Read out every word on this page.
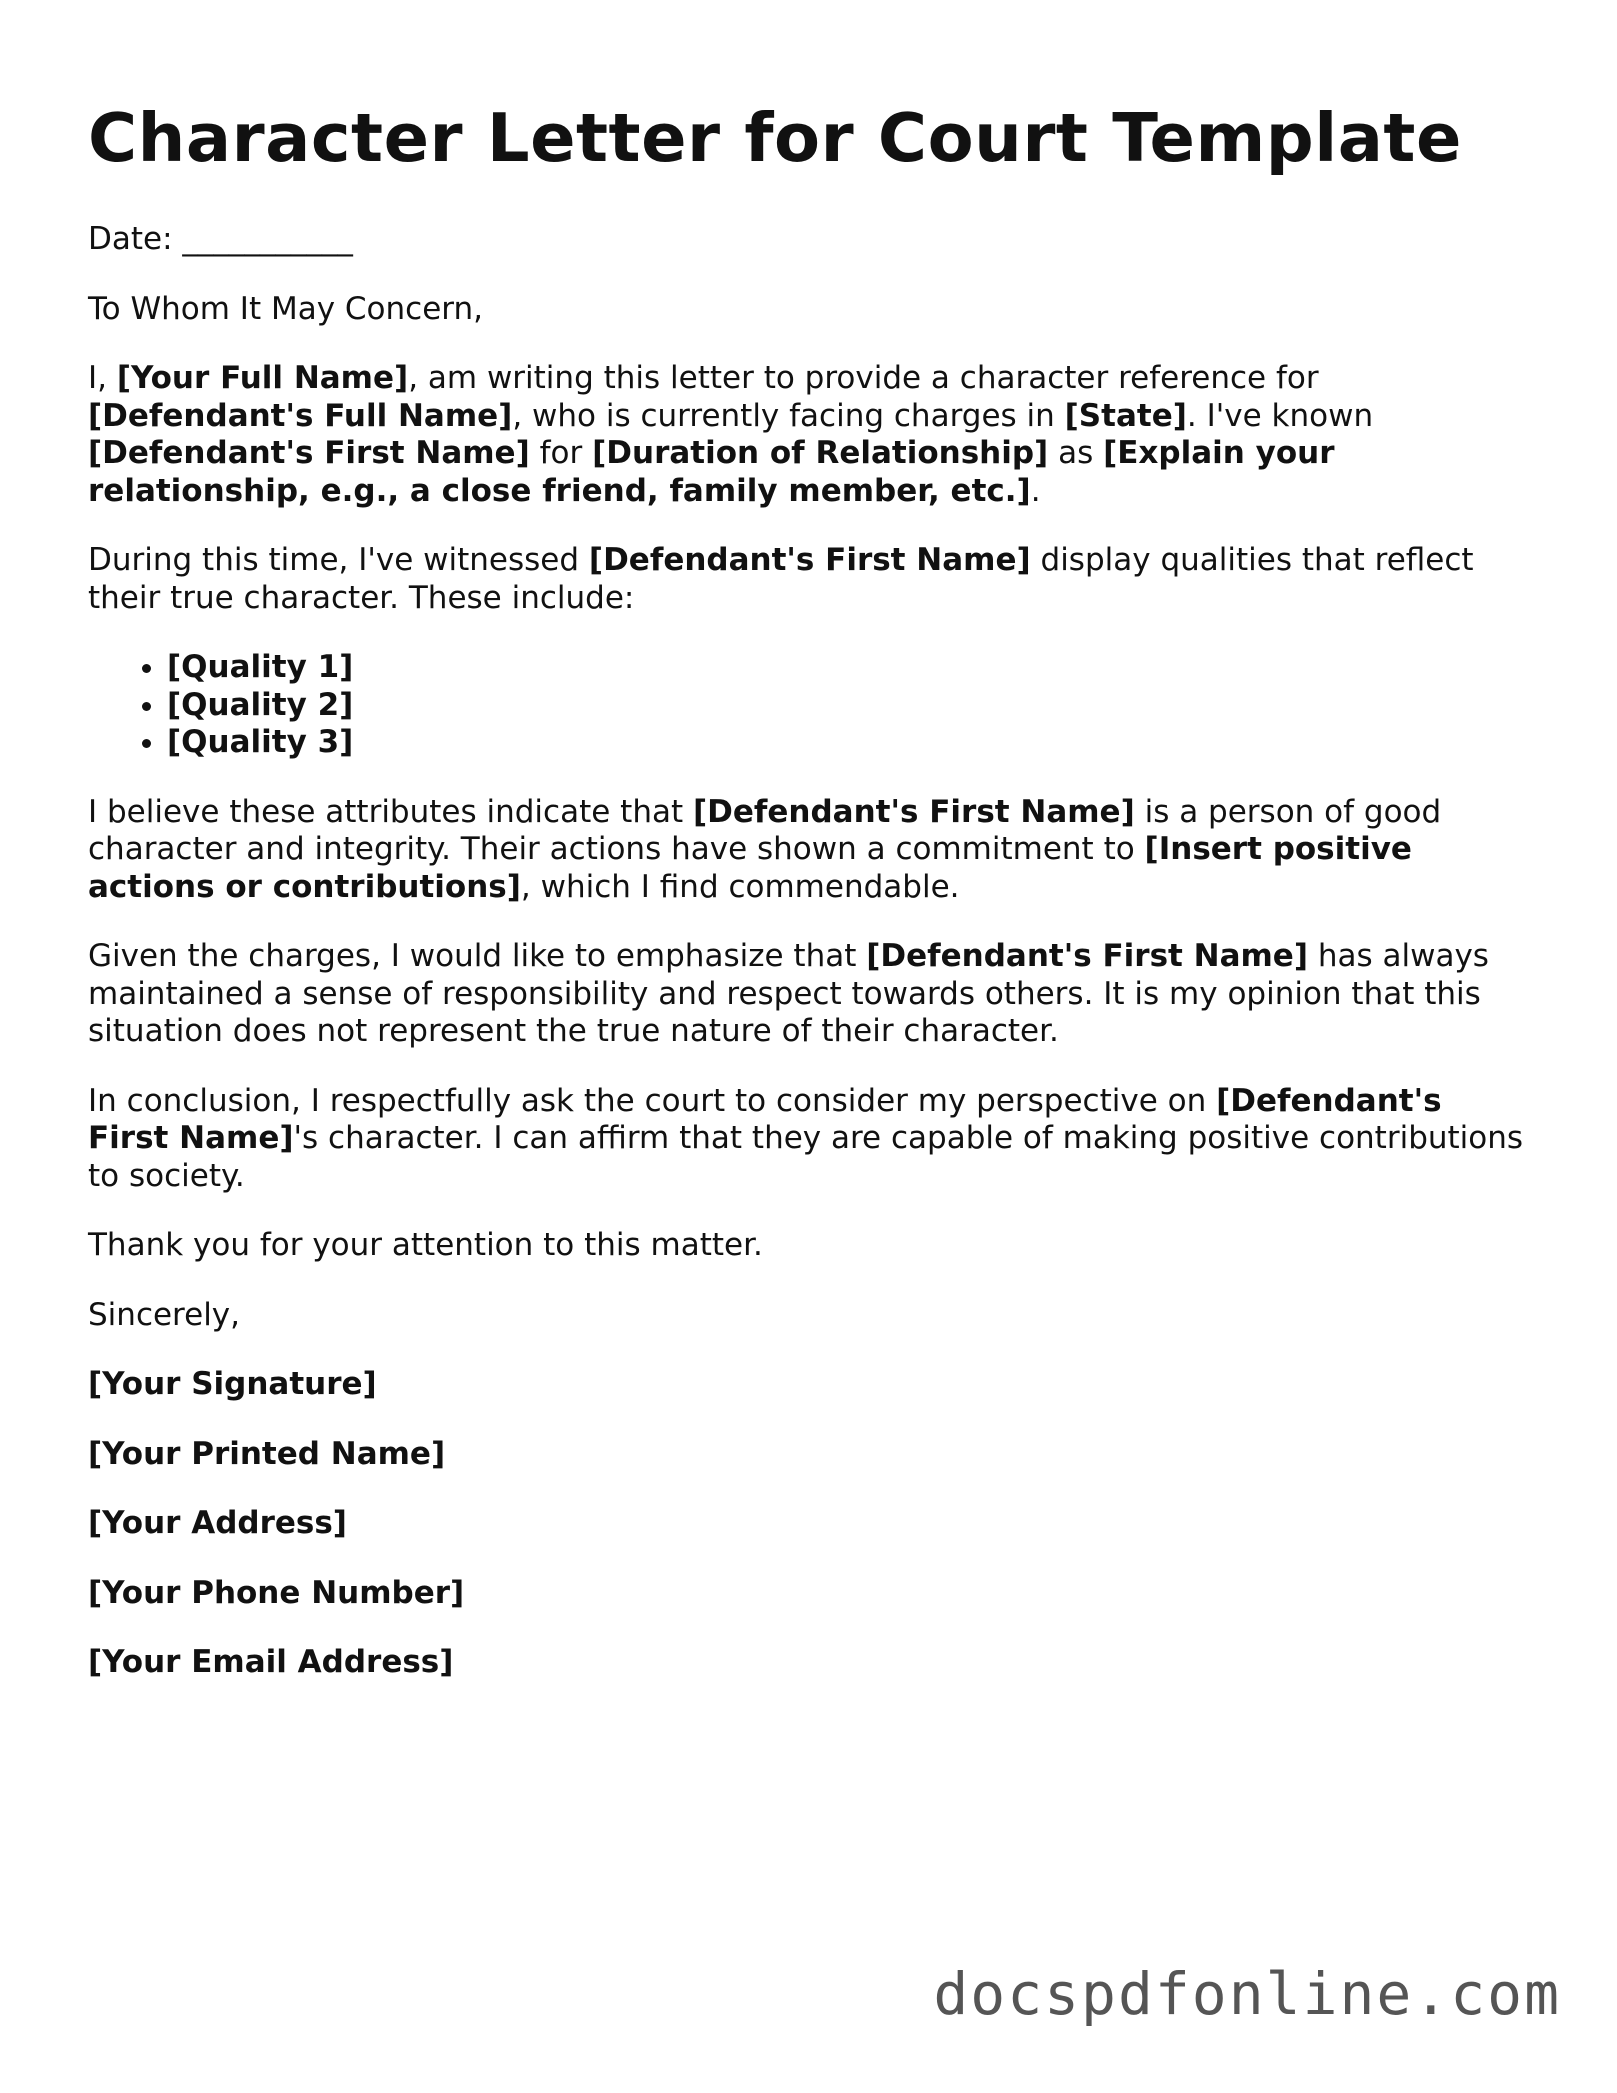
Character Letter for Court Template

Date: ___________

To Whom It May Concern,

I, [Your Full Name], am writing this letter to provide a character reference for [Defendant's Full Name], who is currently facing charges in [State]. I've known [Defendant's First Name] for [Duration of Relationship] as [Explain your relationship, e.g., a close friend, family member, etc.].

During this time, I've witnessed [Defendant's First Name] display qualities that reflect their true character. These include:

• [Quality 1]
• [Quality 2]
• [Quality 3]

I believe these attributes indicate that [Defendant's First Name] is a person of good character and integrity. Their actions have shown a commitment to [Insert positive actions or contributions], which I find commendable.

Given the charges, I would like to emphasize that [Defendant's First Name] has always maintained a sense of responsibility and respect towards others. It is my opinion that this situation does not represent the true nature of their character.

In conclusion, I respectfully ask the court to consider my perspective on [Defendant's First Name]'s character. I can affirm that they are capable of making positive contributions to society.

Thank you for your attention to this matter.

Sincerely,

[Your Signature]

[Your Printed Name]

[Your Address]

[Your Phone Number]

[Your Email Address]

docspdfonline.com
